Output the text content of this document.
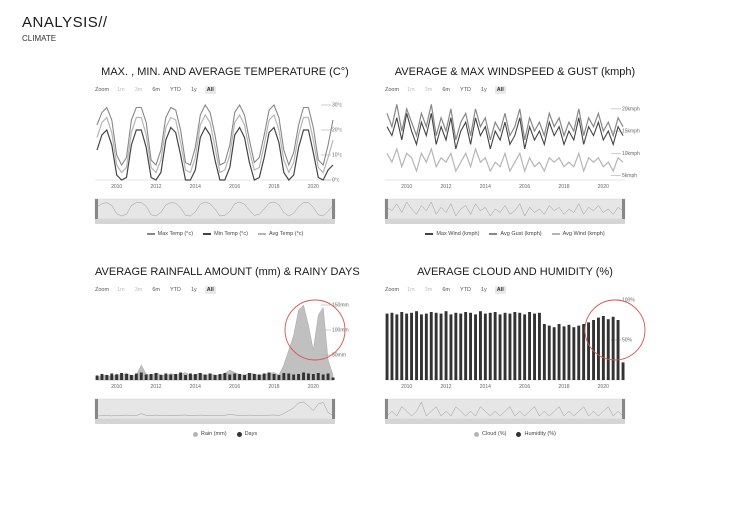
ANALYSIS//
CLIMATE
MAX. , MIN. AND AVERAGE TEMPERATURE (C°)
Zoom	1m	3m	6m	YTD	1y	All
0°c
10°c
20°c
30°c
2010	2012	2014	2016	2018	2020
Max Temp (°c)	Min Temp (°c)	Avg Temp (°c)
AVERAGE & MAX WINDSPEED & GUST (kmph)
Zoom	1m	3m	6m	YTD	1y	All
5kmph
10kmph
15kmph
20kmph
2010	2012	2014	2016	2018	2020
Max Wind (kmph)	Avg Gust (kmph)	Avg Wind (kmph)
AVERAGE RAINFALL AMOUNT (mm) & RAINY DAYS
Zoom	1m	3m	6m	YTD	1y	All
50mm
100mm
150mm
2010	2012	2014	2016	2018	2020
Rain (mm)	Days
AVERAGE CLOUD AND HUMIDITY (%)
Zoom	1m	3m	6m	YTD	1y	All
50%
100%
2010	2012	2014	2016	2018	2020
Cloud (%)	Humidity (%)
